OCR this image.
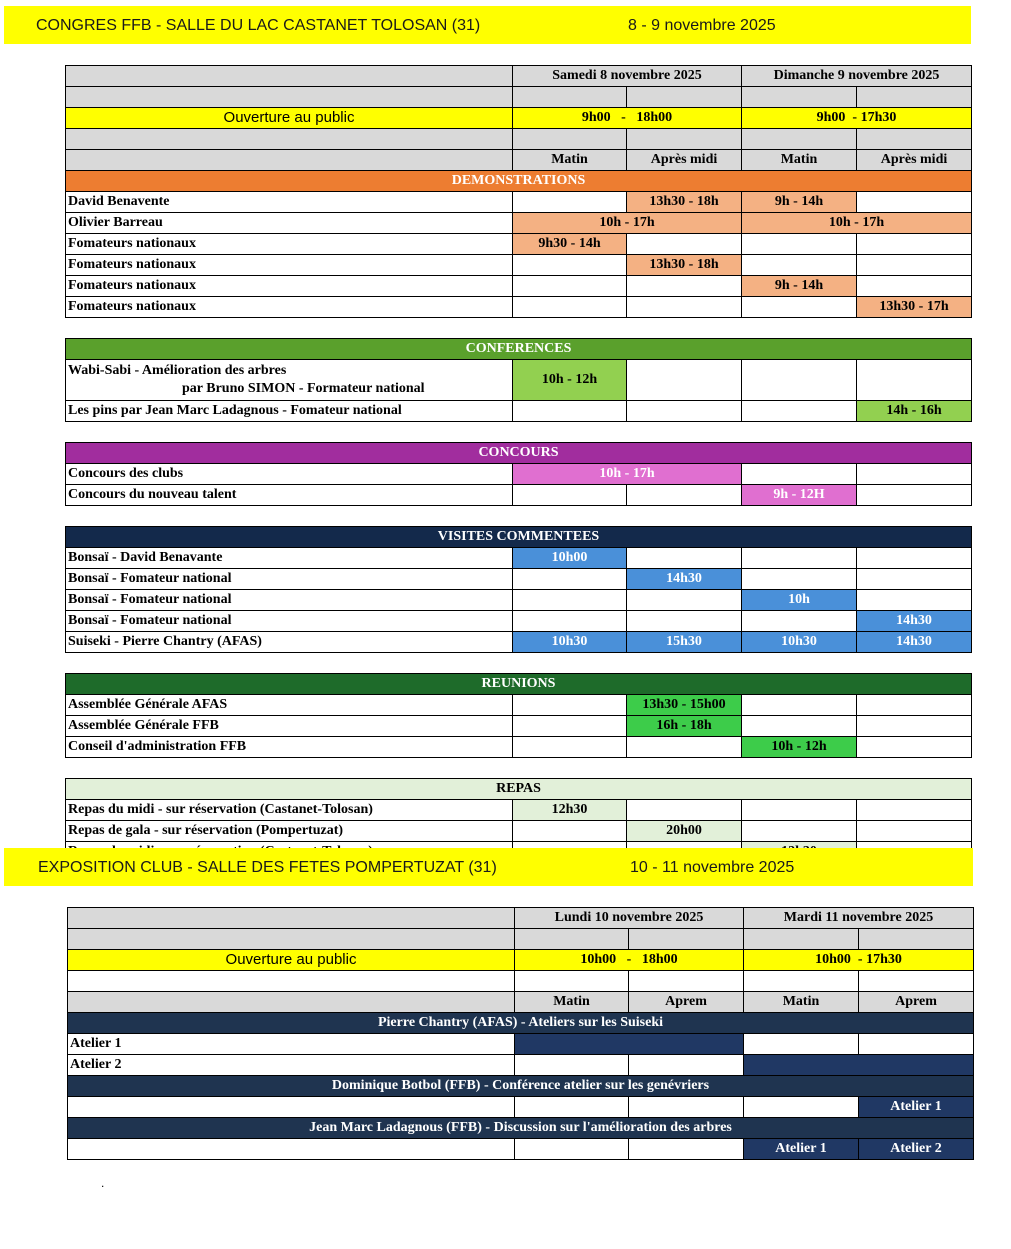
CONGRES FFB - SALLE DU LAC CASTANET TOLOSAN (31)	8 - 9 novembre 2025
	Samedi 8 novembre 2025		Dimanche 9 novembre 2025	

Ouverture au public	9h00   -   18h00		9h00  - 17h30	

	Matin	Après midi	Matin	Après midi
DEMONSTRATIONS				
David Benavente		13h30 - 18h	9h - 14h	
Olivier Barreau	10h - 17h		10h - 17h	
Fomateurs nationaux	9h30 - 14h			
Fomateurs nationaux		13h30 - 18h		
Fomateurs nationaux			9h - 14h	
Fomateurs nationaux				13h30 - 17h

CONFERENCES				

Wabi-Sabi - Amélioration des arbres
par Bruno SIMON - Formateur national	10h - 12h			
Les pins par Jean Marc Ladagnous - Fomateur national				14h - 16h

CONCOURS				
Concours des clubs	10h - 17h			
Concours du nouveau talent			9h - 12H	

VISITES COMMENTEES				
Bonsaï - David Benavante	10h00			
Bonsaï - Fomateur national		14h30		
Bonsaï - Fomateur national			10h	
Bonsaï - Fomateur national				14h30
Suiseki - Pierre Chantry (AFAS)	10h30	15h30	10h30	14h30

REUNIONS				
Assemblée Générale AFAS		13h30 - 15h00		
Assemblée Générale FFB		16h - 18h		
Conseil d'administration FFB			10h - 12h	

REPAS				
Repas du midi - sur réservation (Castanet-Tolosan)	12h30			
Repas de gala - sur réservation (Pompertuzat)		20h00		

EXPOSITION CLUB - SALLE DES FETES POMPERTUZAT (31)	10 - 11 novembre 2025
	Lundi 10 novembre 2025		Mardi 11 novembre 2025	

Ouverture au public	10h00   -   18h00		10h00  - 17h30	

	Matin	Aprem	Matin	Aprem
Pierre Chantry (AFAS) - Ateliers sur les Suiseki				
Atelier 1				
Atelier 2				
Dominique Botbol (FFB) - Conférence atelier sur les genévriers				
				Atelier 1
Jean Marc Ladagnous (FFB) - Discussion sur l'amélioration des arbres				
			Atelier 1	Atelier 2
.
